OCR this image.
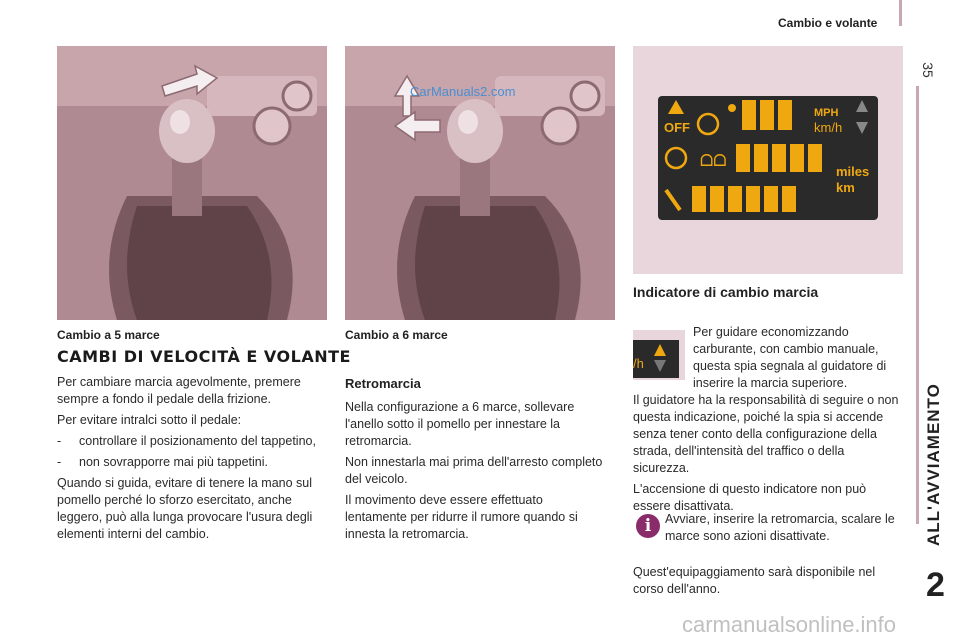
Cambio e volante
35
ALL'AVVIAMENTO
2
Cambio a 5 marce
CarManuals2.com
Cambio a 6 marce
CAMBI DI VELOCITÀ E VOLANTE

Per cambiare marcia agevolmente, premere sempre a fondo il pedale della frizione.

Per evitare intralci sotto il pedale:

-	controllare il posizionamento del tappetino,
-	non sovrapporre mai più tappetini.

Quando si guida, evitare di tenere la mano sul pomello perché lo sforzo esercitato, anche leggero, può alla lunga provocare l'usura degli elementi interni del cambio.

Retromarcia

Nella configurazione a 6 marce, sollevare l'anello sotto il pomello per innestare la retromarcia.

Non innestarla mai prima dell'arresto completo del veicolo.

Il movimento deve essere effettuato lentamente per ridurre il rumore quando si innesta la retromarcia.

OFF
MPH
km/h
ᗝᗝ
miles
km
Indicatore di cambio marcia
/h

Per guidare economizzando carburante, con cambio manuale, questa spia segnala al guidatore di inserire la marcia superiore.

Il guidatore ha la responsabilità di seguire o non questa indicazione, poiché la spia si accende senza tener conto della configurazione della strada, dell'intensità del traffico o della sicurezza.

L'accensione di questo indicatore non può essere disattivata.

i	Avviare, inserire la retromarcia, scalare le marce sono azioni disattivate.

Quest'equipaggiamento sarà disponibile nel corso dell'anno.

carmanualsonline.info
